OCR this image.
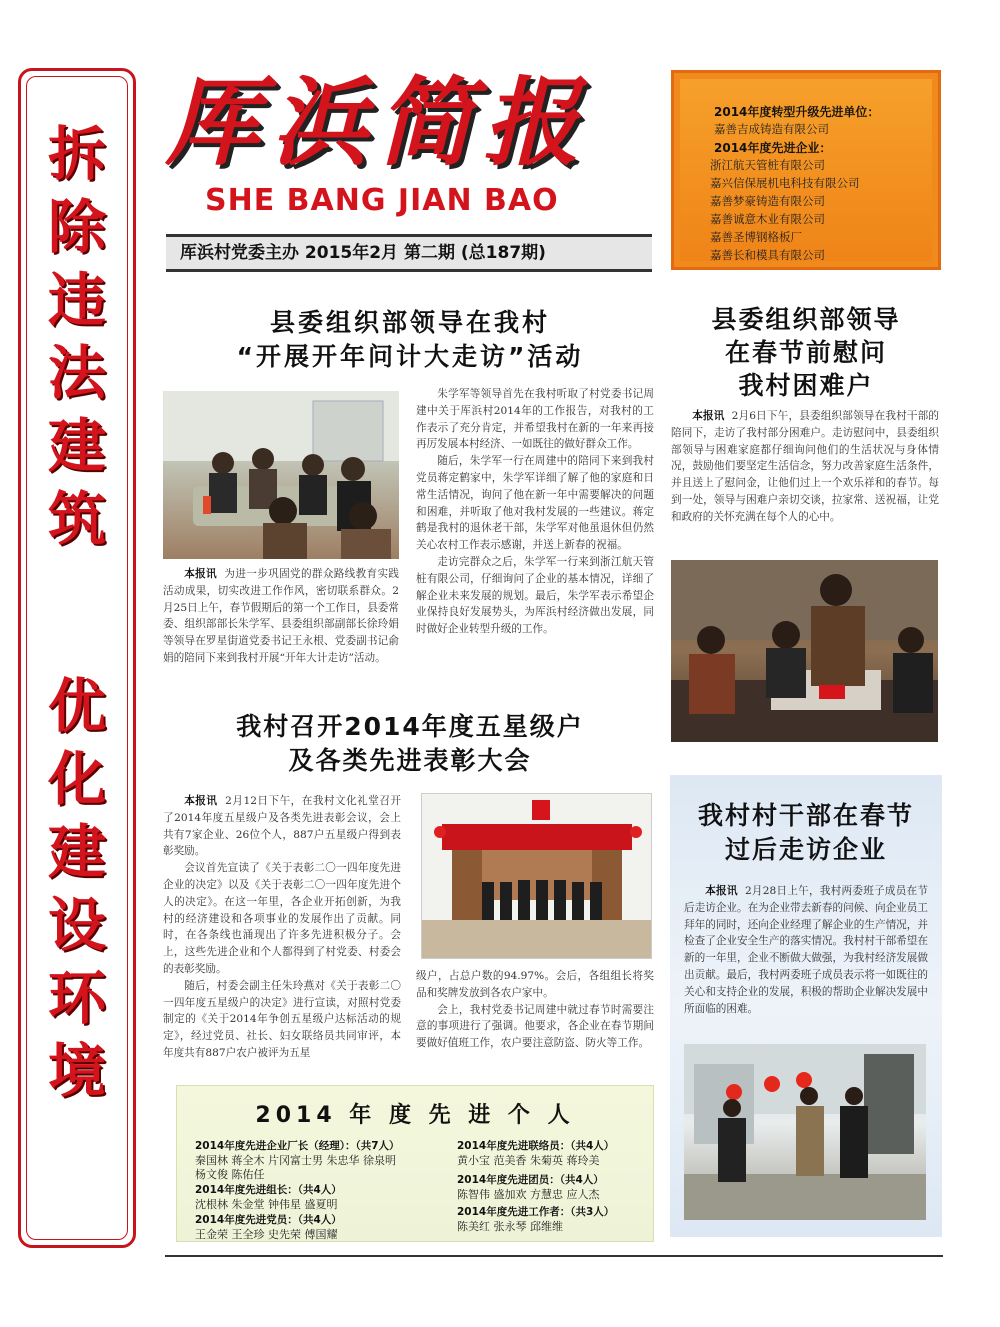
拆
除
违
法
建
筑
优
化
建
设
环
境
厍浜简报
SHE BANG JIAN BAO
厍浜村党委主办 2015年2月 第二期 (总187期)
2014年度转型升级先进单位：
嘉善吉成铸造有限公司
2014年度先进企业：
浙江航天管桩有限公司
嘉兴信保展机电科技有限公司
嘉善梦豪铸造有限公司
嘉善诚意木业有限公司
嘉善圣博钢格板厂
嘉善长和模具有限公司
县委组织部领导在我村
“开展开年问计大走访”活动
本报讯 为进一步巩固党的群众路线教育实践活动成果，切实改进工作作风，密切联系群众。2月25日上午，春节假期后的第一个工作日，县委常委、组织部部长朱学军、县委组织部副部长徐玲娟等领导在罗星街道党委书记王永根、党委副书记俞娟的陪同下来到我村开展“开年大计走访”活动。
朱学军等领导首先在我村听取了村党委书记周建中关于厍浜村2014年的工作报告，对我村的工作表示了充分肯定，并希望我村在新的一年来再接再厉发展本村经济、一如既往的做好群众工作。
随后，朱学军一行在周建中的陪同下来到我村党员蒋定鹤家中，朱学军详细了解了他的家庭和日常生活情况，询问了他在新一年中需要解决的问题和困难，并听取了他对我村发展的一些建议。蒋定鹤是我村的退休老干部，朱学军对他虽退休但仍然关心农村工作表示感谢，并送上新春的祝福。
走访完群众之后，朱学军一行来到浙江航天管桩有限公司，仔细询问了企业的基本情况，详细了解企业未来发展的规划。最后，朱学军表示希望企业保持良好发展势头，为厍浜村经济做出发展，同时做好企业转型升级的工作。
县委组织部领导
在春节前慰问
我村困难户
本报讯 2月6日下午，县委组织部领导在我村干部的陪同下，走访了我村部分困难户。走访慰问中，县委组织部领导与困难家庭都仔细询问他们的生活状况与身体情况，鼓励他们要坚定生活信念，努力改善家庭生活条件，并且送上了慰问金，让他们过上一个欢乐祥和的春节。每到一处，领导与困难户亲切交谈，拉家常、送祝福，让党和政府的关怀充满在每个人的心中。
我村召开2014年度五星级户
及各类先进表彰大会
本报讯 2月12日下午，在我村文化礼堂召开了2014年度五星级户及各类先进表彰会议，会上共有7家企业、26位个人，887户五星级户得到表彰奖励。
会议首先宣读了《关于表彰二〇一四年度先进企业的决定》以及《关于表彰二〇一四年度先进个人的决定》。在这一年里，各企业开拓创新，为我村的经济建设和各项事业的发展作出了贡献。同时，在各条线也涌现出了许多先进积极分子。会上，这些先进企业和个人都得到了村党委、村委会的表彰奖励。
随后，村委会副主任朱玲燕对《关于表彰二〇一四年度五星级户的决定》进行宣读，对照村党委制定的《关于2014年争创五星级户达标活动的规定》，经过党员、社长、妇女联络员共同审评，本年度共有887户农户被评为五星
级户，占总户数的94.97%。会后，各组组长将奖品和奖牌发放到各农户家中。
会上，我村党委书记周建中就过春节时需要注意的事项进行了强调。他要求，各企业在春节期间要做好值班工作，农户要注意防盗、防火等工作。
我村村干部在春节
过后走访企业
本报讯 2月28日上午，我村两委班子成员在节后走访企业。在为企业带去新春的问候、向企业员工拜年的同时，还向企业经理了解企业的生产情况，并检查了企业安全生产的落实情况。我村村干部希望在新的一年里，企业不断做大做强，为我村经济发展做出贡献。最后，我村两委班子成员表示将一如既往的关心和支持企业的发展，积极的帮助企业解决发展中所面临的困难。
2014 年 度 先 进 个 人
2014年度先进企业厂长（经理）：（共7人）
秦国林 蒋全木 片冈富士男 朱忠华 徐泉明
杨文俊 陈佑任
2014年度先进组长：（共4人）
沈根林 朱金堂 钟伟星 盛夏明
2014年度先进党员：（共4人）
王金荣 王全珍 史先荣 傅国耀
2014年度先进联络员：（共4人）
黄小宝 范美香 朱菊英 蒋玲美
2014年度先进团员：（共4人）
陈智伟 盛加欢 方慧忠 应人杰
2014年度先进工作者：（共3人）
陈美红 张永琴 邱维维
